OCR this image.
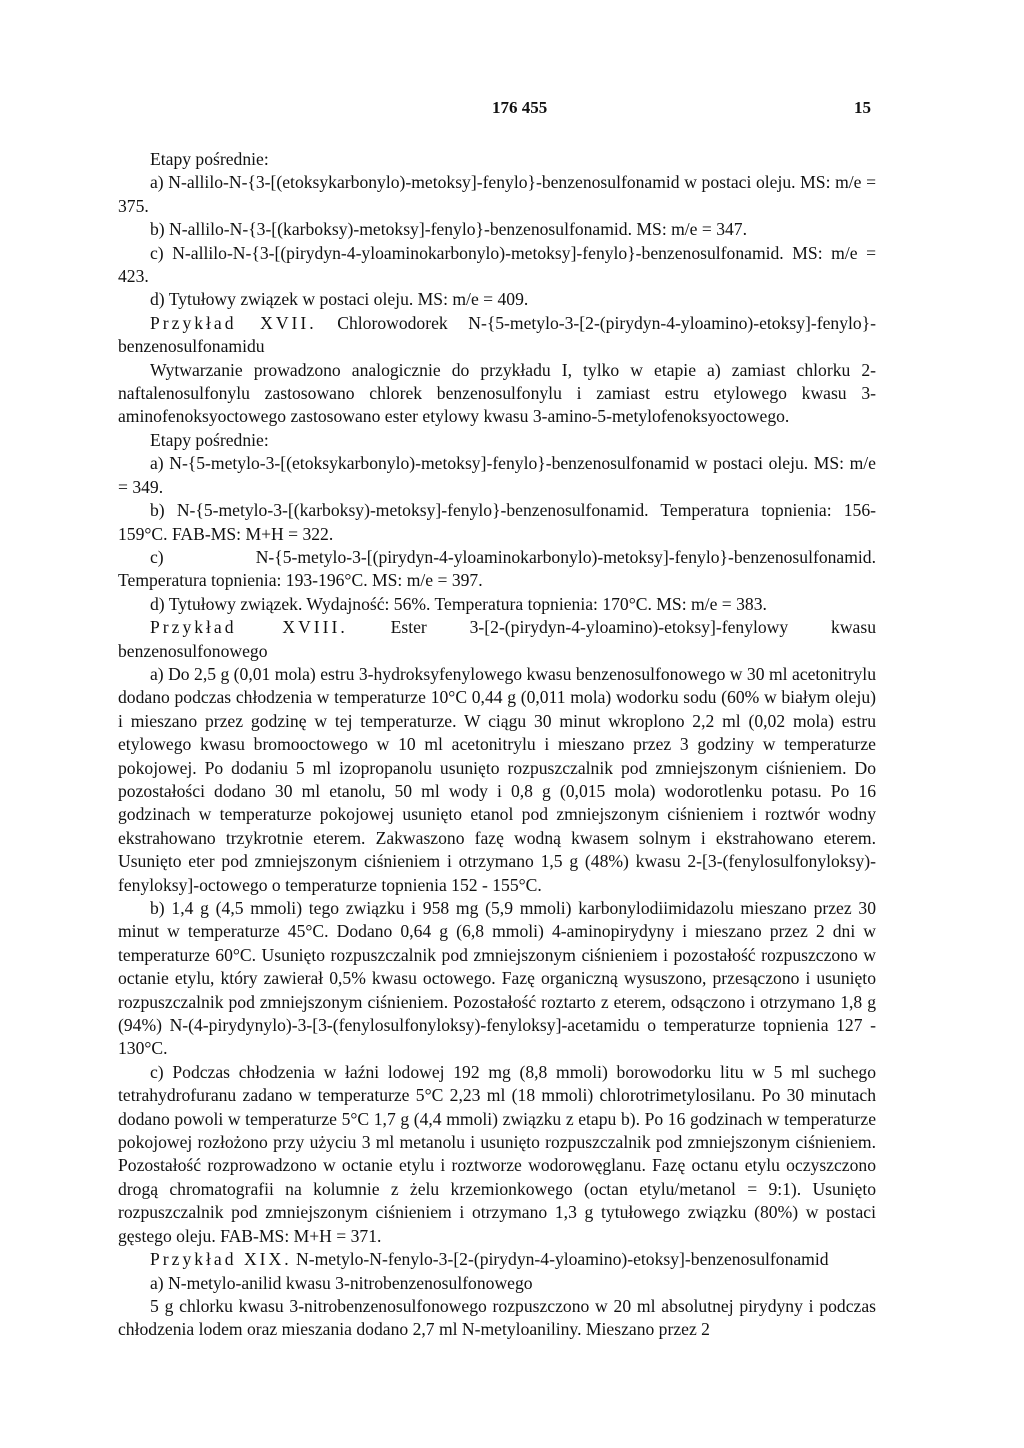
176 455	15

Etapy pośrednie:

a) N-allilo-N-{3-[(etoksykarbonylo)-metoksy]-fenylo}-benzenosulfonamid w postaci oleju. MS: m/e = 375.

b) N-allilo-N-{3-[(karboksy)-metoksy]-fenylo}-benzenosulfonamid. MS: m/e = 347.

c) N-allilo-N-{3-[(pirydyn-4-yloaminokarbonylo)-metoksy]-fenylo}-benzenosulfonamid. MS: m/e = 423.

d) Tytułowy związek w postaci oleju. MS: m/e = 409.

Przykład XVII. Chlorowodorek N-{5-metylo-3-[2-(pirydyn-4-yloamino)-etoksy]-fenylo}-benzenosulfonamidu

Wytwarzanie prowadzono analogicznie do przykładu I, tylko w etapie a) zamiast chlorku 2-naftalenosulfonylu zastosowano chlorek benzenosulfonylu i zamiast estru etylowego kwasu 3-aminofenoksyoctowego zastosowano ester etylowy kwasu 3-amino-5-metylofenoksyoctowego.

Etapy pośrednie:

a) N-{5-metylo-3-[(etoksykarbonylo)-metoksy]-fenylo}-benzenosulfonamid w postaci oleju. MS: m/e = 349.

b) N-{5-metylo-3-[(karboksy)-metoksy]-fenylo}-benzenosulfonamid. Temperatura topnienia: 156-159°C. FAB-MS: M+H = 322.

c) N-{5-metylo-3-[(pirydyn-4-yloaminokarbonylo)-metoksy]-fenylo}-benzenosulfonamid. Temperatura topnienia: 193-196°C. MS: m/e = 397.

d) Tytułowy związek. Wydajność: 56%. Temperatura topnienia: 170°C. MS: m/e = 383.

Przykład XVIII. Ester 3-[2-(pirydyn-4-yloamino)-etoksy]-fenylowy kwasu benzenosulfonowego

a) Do 2,5 g (0,01 mola) estru 3-hydroksyfenylowego kwasu benzenosulfonowego w 30 ml acetonitrylu dodano podczas chłodzenia w temperaturze 10°C 0,44 g (0,011 mola) wodorku sodu (60% w białym oleju) i mieszano przez godzinę w tej temperaturze. W ciągu 30 minut wkroplono 2,2 ml (0,02 mola) estru etylowego kwasu bromooctowego w 10 ml acetonitrylu i mieszano przez 3 godziny w temperaturze pokojowej. Po dodaniu 5 ml izopropanolu usunięto rozpuszczalnik pod zmniejszonym ciśnieniem. Do pozostałości dodano 30 ml etanolu, 50 ml wody i 0,8 g (0,015 mola) wodorotlenku potasu. Po 16 godzinach w temperaturze pokojowej usunięto etanol pod zmniejszonym ciśnieniem i roztwór wodny ekstrahowano trzykrotnie eterem. Zakwaszono fazę wodną kwasem solnym i ekstrahowano eterem. Usunięto eter pod zmniejszonym ciśnieniem i otrzymano 1,5 g (48%) kwasu 2-[3-(fenylosulfonyloksy)-fenyloksy]-octowego o temperaturze topnienia 152 - 155°C.

b) 1,4 g (4,5 mmoli) tego związku i 958 mg (5,9 mmoli) karbonylodiimidazolu mieszano przez 30 minut w temperaturze 45°C. Dodano 0,64 g (6,8 mmoli) 4-aminopirydyny i mieszano przez 2 dni w temperaturze 60°C. Usunięto rozpuszczalnik pod zmniejszonym ciśnieniem i pozostałość rozpuszczono w octanie etylu, który zawierał 0,5% kwasu octowego. Fazę organiczną wysuszono, przesączono i usunięto rozpuszczalnik pod zmniejszonym ciśnieniem. Pozostałość roztarto z eterem, odsączono i otrzymano 1,8 g (94%) N-(4-pirydynylo)-3-[3-(fenylosulfonyloksy)-fenyloksy]-acetamidu o temperaturze topnienia 127 - 130°C.

c) Podczas chłodzenia w łaźni lodowej 192 mg (8,8 mmoli) borowodorku litu w 5 ml suchego tetrahydrofuranu zadano w temperaturze 5°C 2,23 ml (18 mmoli) chlorotrimetylosilanu. Po 30 minutach dodano powoli w temperaturze 5°C 1,7 g (4,4 mmoli) związku z etapu b). Po 16 godzinach w temperaturze pokojowej rozłożono przy użyciu 3 ml metanolu i usunięto rozpuszczalnik pod zmniejszonym ciśnieniem. Pozostałość rozprowadzono w octanie etylu i roztworze wodorowęglanu. Fazę octanu etylu oczyszczono drogą chromatografii na kolumnie z żelu krzemionkowego (octan etylu/metanol = 9:1). Usunięto rozpuszczalnik pod zmniejszonym ciśnieniem i otrzymano 1,3 g tytułowego związku (80%) w postaci gęstego oleju. FAB-MS: M+H = 371.

Przykład XIX. N-metylo-N-fenylo-3-[2-(pirydyn-4-yloamino)-etoksy]-benzenosulfonamid

a) N-metylo-anilid kwasu 3-nitrobenzenosulfonowego

5 g chlorku kwasu 3-nitrobenzenosulfonowego rozpuszczono w 20 ml absolutnej pirydyny i podczas chłodzenia lodem oraz mieszania dodano 2,7 ml N-metyloaniliny. Mieszano przez 2
